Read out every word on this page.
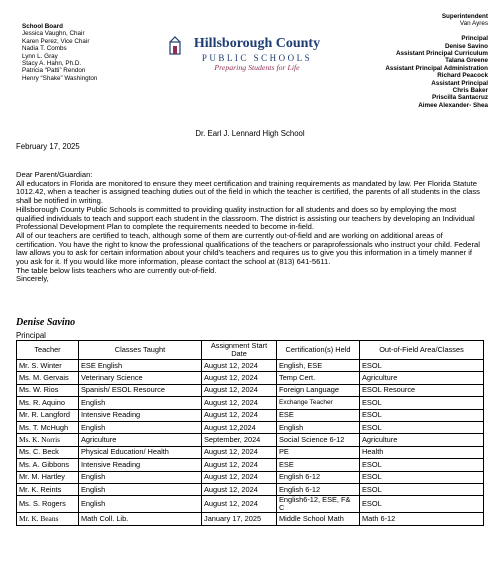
School Board
Jessica Vaughn, Chair
Karen Perez, Vice Chair
Nadia T. Combs
Lynn L. Gray
Stacy A. Hahn, Ph.D.
Patricia “Patti” Rendon
Henry “Shake” Washington
Hillsborough County
PUBLIC SCHOOLS
Preparing Students for Life
Superintendent
Van Ayres

Principal
Denise Savino
Assistant Principal Curriculum
Talana Greene
Assistant Principal Administration
Richard Peacock
Assistant Principal
Chris Baker
Priscilla Santacruz
Aimee Alexander- Shea
Dr. Earl J. Lennard High School
February 17, 2025
Dear Parent/Guardian:
All educators in Florida are monitored to ensure they meet certification and training requirements as mandated by law. Per Florida Statute 1012.42, when a teacher is assigned teaching duties out of the field in which the teacher is certified, the parents of all students in the class shall be notified in writing.
Hillsborough County Public Schools is committed to providing quality instruction for all students and does so by employing the most qualified individuals to teach and support each student in the classroom. The district is assisting our teachers by developing an Individual Professional Development Plan to complete the requirements needed to become in-field.
All of our teachers are certified to teach, although some of them are currently out-of-field and are working on additional areas of certification. You have the right to know the professional qualifications of the teachers or paraprofessionals who instruct your child. Federal law allows you to ask for certain information about your child's teachers and requires us to give you this information in a timely manner if you ask for it. If you would like more information, please contact the school at (813) 641-5611.
The table below lists teachers who are currently out-of-field.
Sincerely,
Denise Savino
Principal
Teacher	Classes Taught	Assignment Start Date	Certification(s) Held	Out-of-Field Area/Classes
Mr. S. Winter	ESE English	August 12, 2024	English, ESE	ESOL
Ms. M. Gervais	Veterinary Science	August 12, 2024	Temp Cert.	Agriculture
Ms. W. Rios	Spanish/ ESOL Resource	August 12, 2024	Foreign Language	ESOL Resource
Ms. R. Aquino	English	August 12, 2024	Exchange Teacher	ESOL
Mr. R. Langford	Intensive Reading	August 12, 2024	ESE	ESOL
Ms. T. McHugh	English	August 12,2024	English	ESOL
Ms. K. Norris	Agriculture	September, 2024	Social Science 6-12	Agriculture
Ms. C. Beck	Physical Education/ Health	August 12, 2024	PE	Health
Ms. A. Gibbons	Intensive Reading	August 12, 2024	ESE	ESOL
Mr. M. Hartley	English	August 12, 2024	English 6-12	ESOL
Mr. K. Reints	English	August 12, 2024	English 6-12	ESOL
Ms. S. Rogers	English	August 12, 2024	English6-12, ESE, F& C	ESOL
Mr. K. Beans	Math Coll. Lib.	January 17, 2025	Middle School Math	Math 6-12
